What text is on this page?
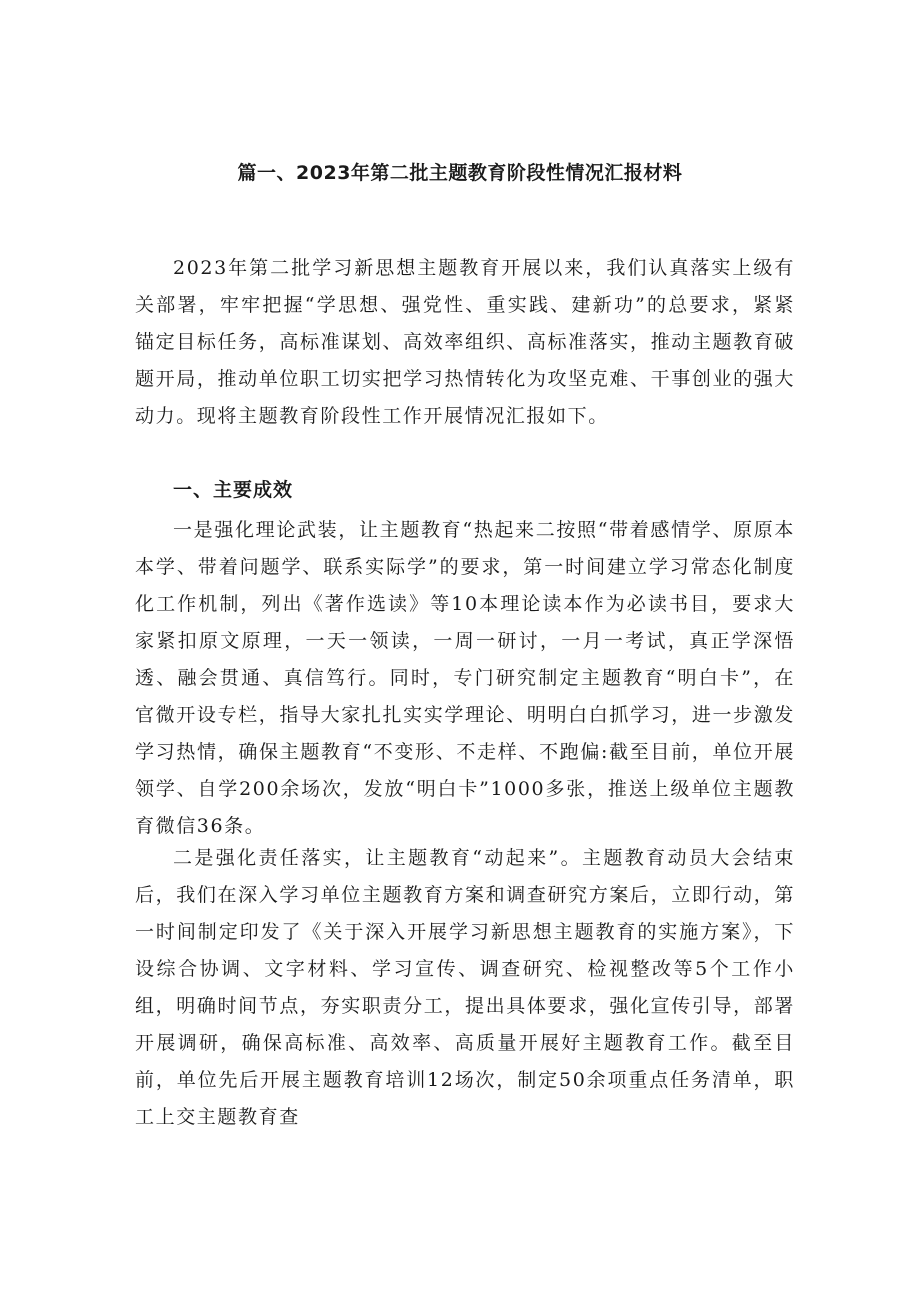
篇一、2023年第二批主题教育阶段性情况汇报材料

2023年第二批学习新思想主题教育开展以来，我们认真落实上级有关部署，牢牢把握“学思想、强党性、重实践、建新功”的总要求，紧紧锚定目标任务，高标准谋划、高效率组织、高标准落实，推动主题教育破题开局，推动单位职工切实把学习热情转化为攻坚克难、干事创业的强大动力。现将主题教育阶段性工作开展情况汇报如下。

一、主要成效

一是强化理论武装，让主题教育“热起来二按照“带着感情学、原原本本学、带着问题学、联系实际学”的要求，第一时间建立学习常态化制度化工作机制，列出《著作选读》等10本理论读本作为必读书目，要求大家紧扣原文原理，一天一领读，一周一研讨，一月一考试，真正学深悟透、融会贯通、真信笃行。同时，专门研究制定主题教育“明白卡”，在官微开设专栏，指导大家扎扎实实学理论、明明白白抓学习，进一步激发学习热情，确保主题教育“不变形、不走样、不跑偏:截至目前，单位开展领学、自学200余场次，发放“明白卡”1000多张，推送上级单位主题教育微信36条。

二是强化责任落实，让主题教育“动起来”。主题教育动员大会结束后，我们在深入学习单位主题教育方案和调查研究方案后，立即行动，第一时间制定印发了《关于深入开展学习新思想主题教育的实施方案》，下设综合协调、文字材料、学习宣传、调查研究、检视整改等5个工作小组，明确时间节点，夯实职责分工，提出具体要求，强化宣传引导，部署开展调研，确保高标准、高效率、高质量开展好主题教育工作。截至目前，单位先后开展主题教育培训12场次，制定50余项重点任务清单，职工上交主题教育查
